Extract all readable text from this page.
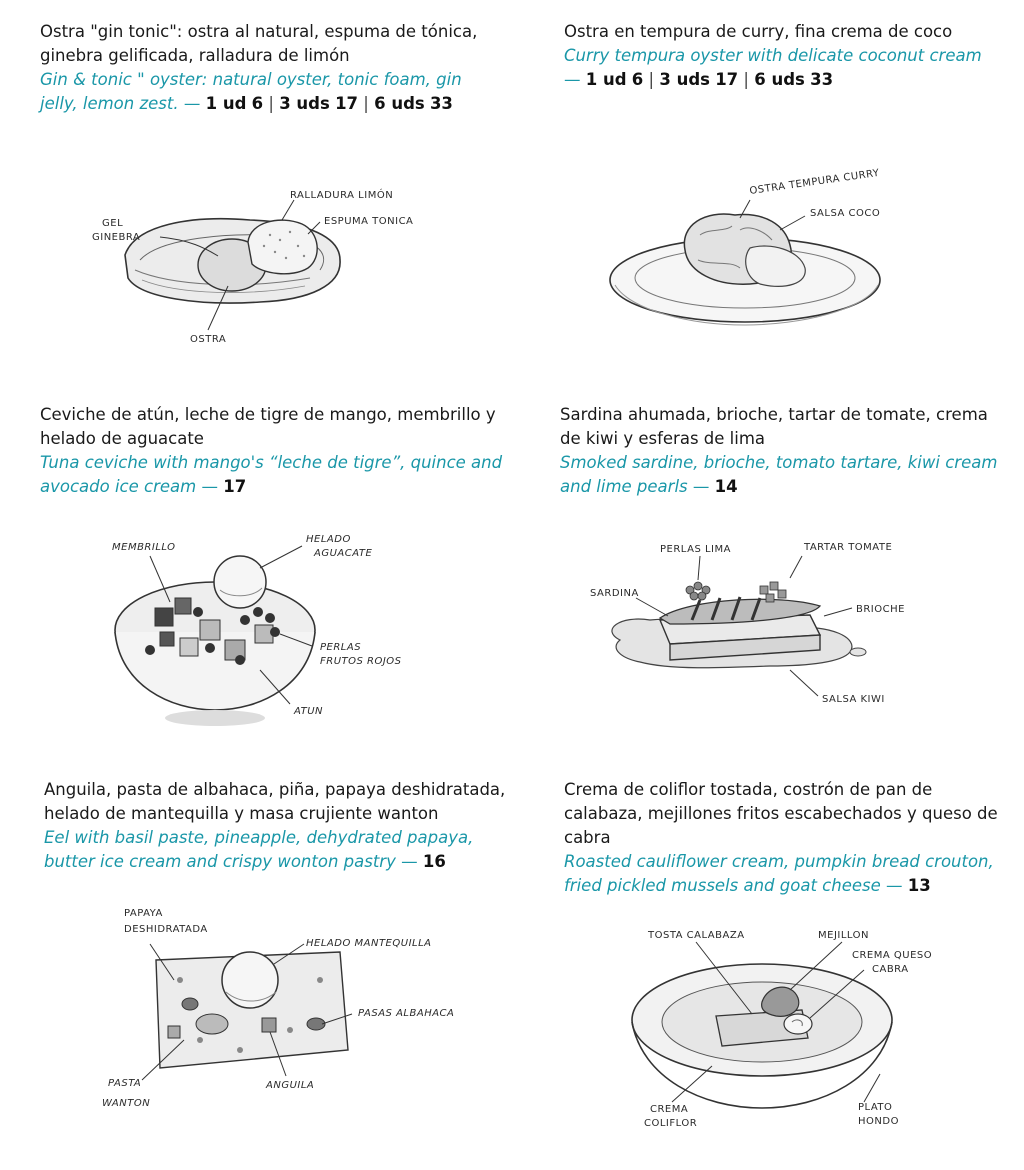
Ostra "gin tonic": ostra al natural, espuma de tónica, ginebra gelificada, ralladura de limón

Gin & tonic " oyster: natural oyster, tonic foam, gin jelly, lemon zest. — 1 ud 6 | 3 uds 17 | 6 uds 33

GEL
GINEBRA
RALLADURA LIMÓN
ESPUMA TONICA
OSTRA

Ostra en tempura de curry, fina crema de coco

Curry tempura oyster with delicate coconut cream

— 1 ud 6 | 3 uds 17 | 6 uds 33

OSTRA TEMPURA CURRY
SALSA COCO

Ceviche de atún, leche de tigre de mango, membrillo y helado de aguacate

Tuna ceviche with mango's “leche de tigre”, quince and avocado ice cream — 17

MEMBRILLO
HELADO
AGUACATE
PERLAS
FRUTOS ROJOS
ATUN

Sardina ahumada, brioche, tartar de tomate, crema de kiwi y esferas de lima

Smoked sardine, brioche, tomato tartare, kiwi cream and lime pearls — 14

PERLAS LIMA	TARTAR TOMATE
SARDINA
BRIOCHE
SALSA KIWI

Anguila, pasta de albahaca, piña, papaya deshidratada, helado de mantequilla y masa crujiente wanton

Eel with basil paste, pineapple, dehydrated papaya, butter ice cream and crispy wonton pastry — 16

PAPAYA
DESHIDRATADA
HELADO MANTEQUILLA
PASAS ALBAHACA
PASTA
WANTON
ANGUILA

Crema de coliflor tostada, costrón de pan de calabaza, mejillones fritos escabechados y queso de cabra

Roasted cauliflower cream, pumpkin bread crouton, fried pickled mussels and goat cheese — 13

TOSTA CALABAZA	MEJILLON
CREMA QUESO
CABRA
CREMA
COLIFLOR
PLATO
HONDO
